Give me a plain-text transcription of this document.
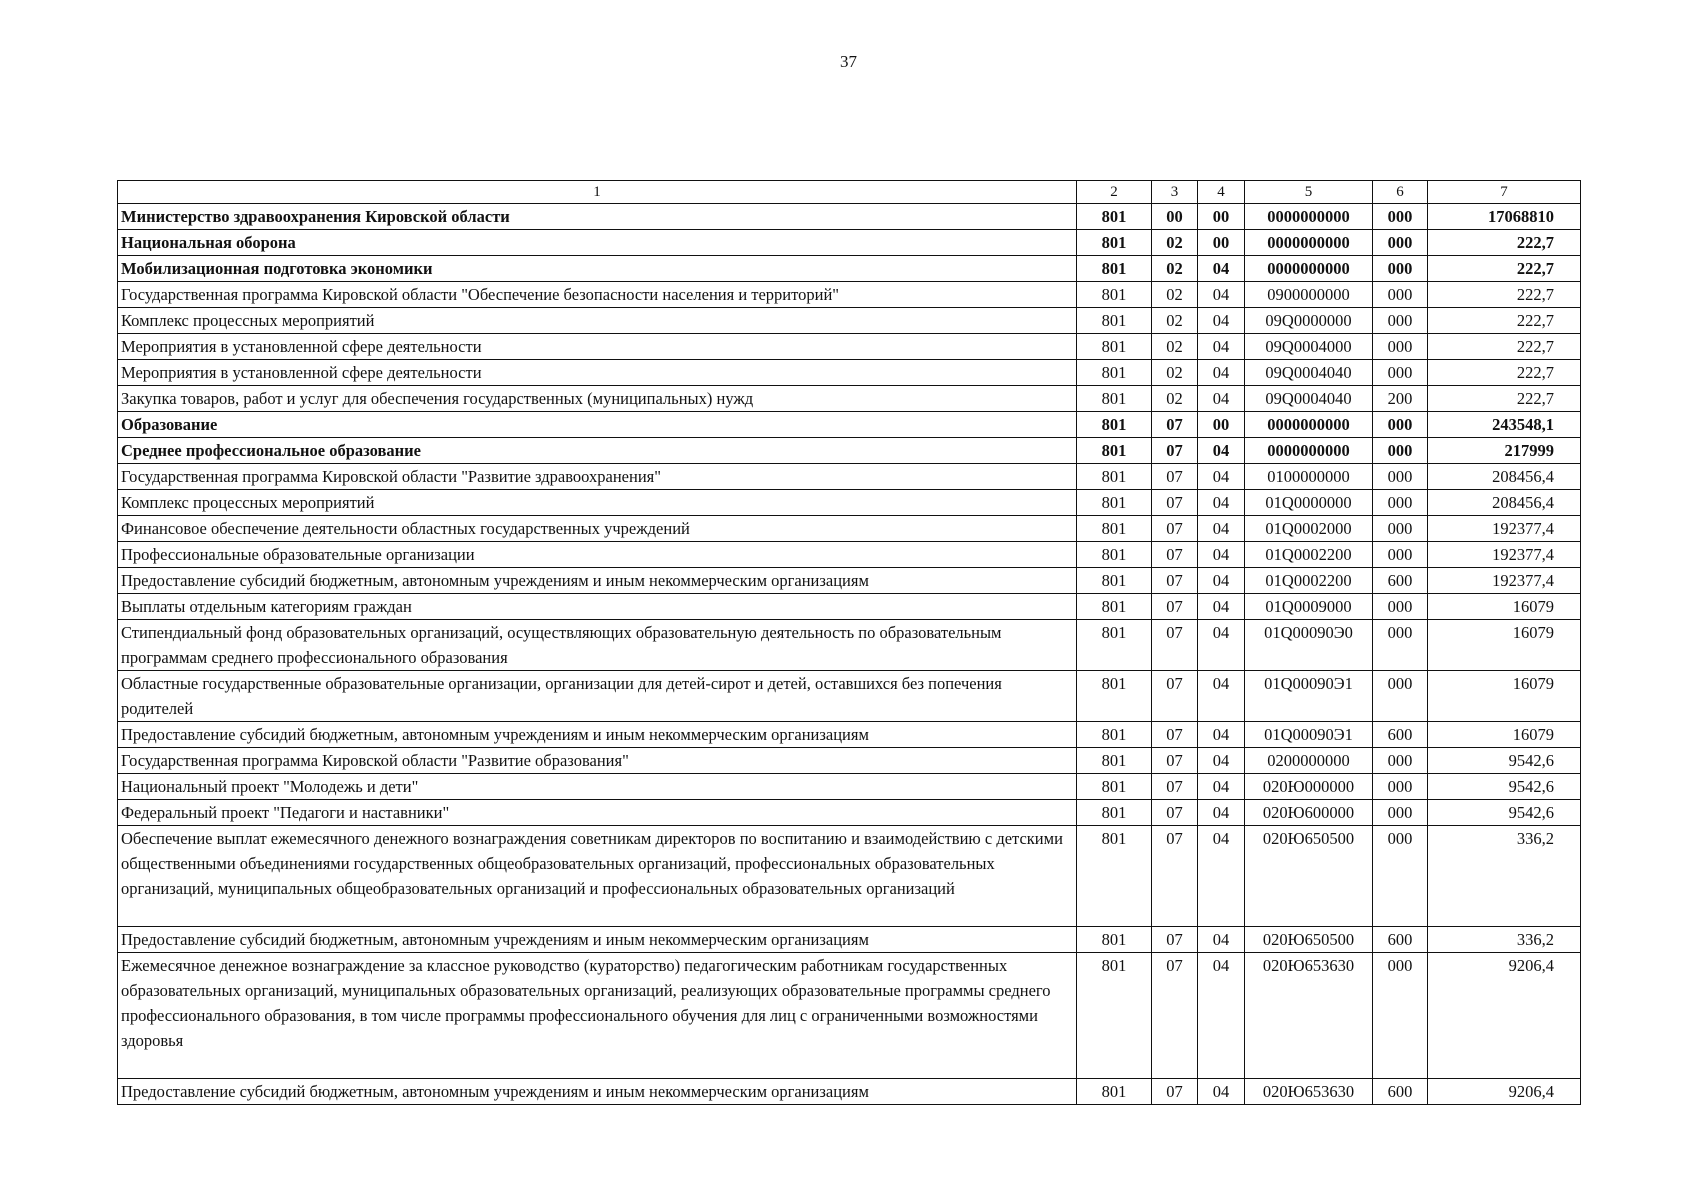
37
1	2	3	4	5	6	7
Министерство здравоохранения Кировской области	801	00	00	0000000000	000	17068810
Национальная оборона	801	02	00	0000000000	000	222,7
Мобилизационная подготовка экономики	801	02	04	0000000000	000	222,7
Государственная программа Кировской области "Обеспечение безопасности населения и территорий"	801	02	04	0900000000	000	222,7
Комплекс процессных мероприятий	801	02	04	09Q0000000	000	222,7
Мероприятия в установленной сфере деятельности	801	02	04	09Q0004000	000	222,7
Мероприятия в установленной сфере деятельности	801	02	04	09Q0004040	000	222,7
Закупка товаров, работ и услуг для обеспечения государственных (муниципальных) нужд	801	02	04	09Q0004040	200	222,7
Образование	801	07	00	0000000000	000	243548,1
Среднее профессиональное образование	801	07	04	0000000000	000	217999
Государственная программа Кировской области "Развитие здравоохранения"	801	07	04	0100000000	000	208456,4
Комплекс процессных мероприятий	801	07	04	01Q0000000	000	208456,4
Финансовое обеспечение деятельности областных государственных учреждений	801	07	04	01Q0002000	000	192377,4
Профессиональные образовательные организации	801	07	04	01Q0002200	000	192377,4
Предоставление субсидий бюджетным, автономным учреждениям и иным некоммерческим организациям	801	07	04	01Q0002200	600	192377,4
Выплаты отдельным категориям граждан	801	07	04	01Q0009000	000	16079
Стипендиальный фонд образовательных организаций, осуществляющих образовательную деятельность по образовательным программам среднего профессионального образования	801	07	04	01Q00090Э0	000	16079
Областные государственные образовательные организации, организации для детей-сирот и детей, оставшихся без попечения родителей	801	07	04	01Q00090Э1	000	16079
Предоставление субсидий бюджетным, автономным учреждениям и иным некоммерческим организациям	801	07	04	01Q00090Э1	600	16079
Государственная программа Кировской области "Развитие образования"	801	07	04	0200000000	000	9542,6
Национальный проект "Молодежь и дети"	801	07	04	020Ю000000	000	9542,6
Федеральный проект "Педагоги и наставники"	801	07	04	020Ю600000	000	9542,6
Обеспечение выплат ежемесячного денежного вознаграждения советникам директоров по воспитанию и взаимодействию с детскими общественными объединениями государственных общеобразовательных организаций, профессиональных образовательных организаций, муниципальных общеобразовательных организаций и профессиональных образовательных организаций	801	07	04	020Ю650500	000	336,2
Предоставление субсидий бюджетным, автономным учреждениям и иным некоммерческим организациям	801	07	04	020Ю650500	600	336,2
Ежемесячное денежное вознаграждение за классное руководство (кураторство) педагогическим работникам государственных образовательных организаций, муниципальных образовательных организаций, реализующих образовательные программы среднего профессионального образования, в том числе программы профессионального обучения для лиц с ограниченными возможностями здоровья	801	07	04	020Ю653630	000	9206,4
Предоставление субсидий бюджетным, автономным учреждениям и иным некоммерческим организациям	801	07	04	020Ю653630	600	9206,4
